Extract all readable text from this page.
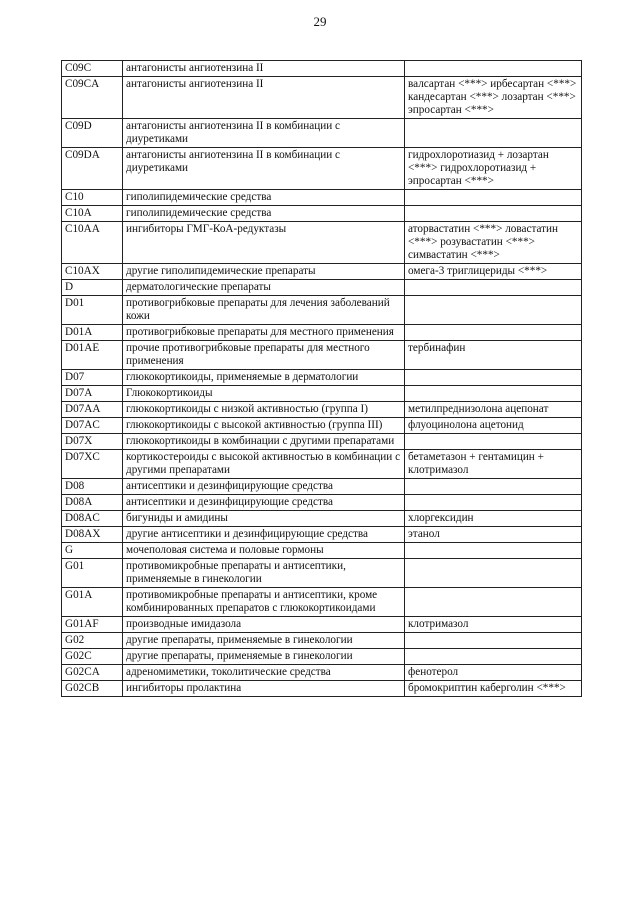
29
C09C	антагонисты ангиотензина II	
C09CA	антагонисты ангиотензина II	валсартан <***> ирбесартан <***> кандесартан <***> лозартан <***> эпросартан <***>
C09D	антагонисты ангиотензина II в комбинации с диуретиками	
C09DA	антагонисты ангиотензина II в комбинации с диуретиками	гидрохлоротиазид + лозартан <***> гидрохлоротиазид + эпросартан <***>
C10	гиполипидемические средства	
C10A	гиполипидемические средства	
C10AA	ингибиторы ГМГ-КоА-редуктазы	аторвастатин <***> ловастатин <***> розувастатин <***> симвастатин <***>
C10AX	другие гиполипидемические препараты	омега-3 триглицериды <***>
D	дерматологические препараты	
D01	противогрибковые препараты для лечения заболеваний кожи	
D01A	противогрибковые препараты для местного применения	
D01AE	прочие противогрибковые препараты для местного применения	тербинафин
D07	глюкокортикоиды, применяемые в дерматологии	
D07A	Глюкокортикоиды	
D07AA	глюкокортикоиды с низкой активностью (группа I)	метилпреднизолона ацепонат
D07AC	глюкокортикоиды с высокой активностью (группа III)	флуоцинолона ацетонид
D07X	глюкокортикоиды в комбинации с другими препаратами	
D07XC	кортикостероиды с высокой активностью в комбинации с другими препаратами	бетаметазон + гентамицин + клотримазол
D08	антисептики и дезинфицирующие средства	
D08A	антисептики и дезинфицирующие средства	
D08AC	бигуниды и амидины	хлоргексидин
D08AX	другие антисептики и дезинфицирующие средства	этанол
G	мочеполовая система и половые гормоны	
G01	противомикробные препараты и антисептики, применяемые в гинекологии	
G01A	противомикробные препараты и антисептики, кроме комбинированных препаратов с глюкокортикоидами	
G01AF	производные имидазола	клотримазол
G02	другие препараты, применяемые в гинекологии	
G02C	другие препараты, применяемые в гинекологии	
G02CA	адреномиметики, токолитические средства	фенотерол
G02CB	ингибиторы пролактина	бромокриптин каберголин <***>
